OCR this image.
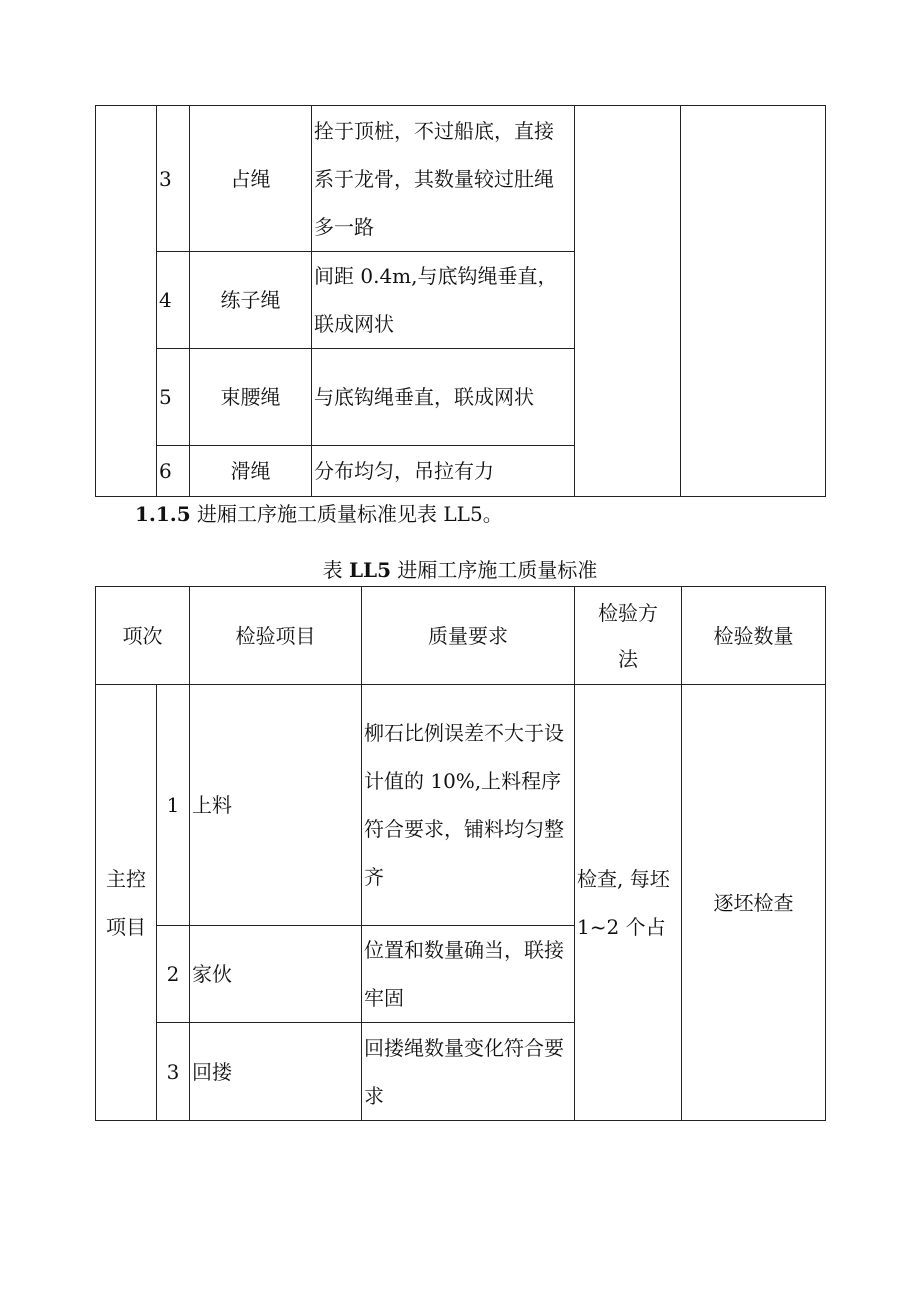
	3	占绳	拴于顶桩，不过船底，直接系于龙骨，其数量较过肚绳多一路		
	4	练子绳	间距 0.4m,与底钩绳垂直，联成网状		
	5	束腰绳	与底钩绳垂直，联成网状		
	6	滑绳	分布均匀，吊拉有力		
1.1.5 进厢工序施工质量标准见表 LL5。
表 LL5 进厢工序施工质量标准
项次		检验项目	质量要求	检验方法	检验数量
主控项目	1	上料	柳石比例误差不大于设计值的 10%,上料程序符合要求，铺料均匀整齐	检查, 每坯 1~2 个占	逐坯检查
	2	家伙	位置和数量确当，联接牢固		
	3	回搂	回搂绳数量变化符合要求		
